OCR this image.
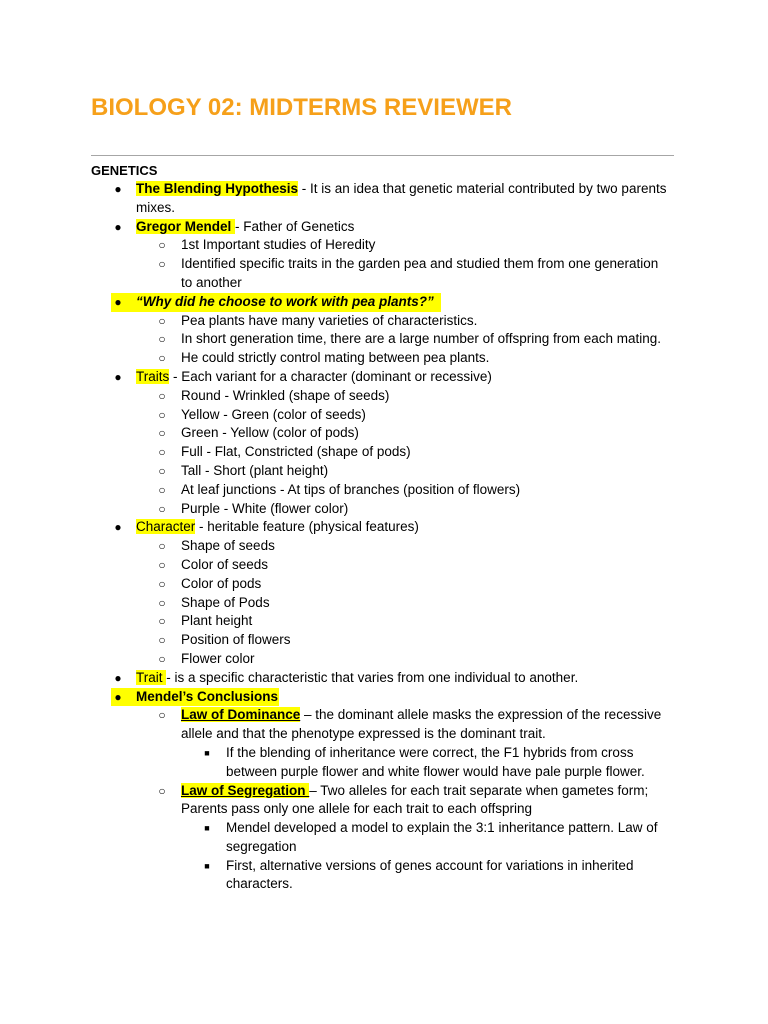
BIOLOGY 02: MIDTERMS REVIEWER
GENETICS
● The Blending Hypothesis - It is an idea that genetic material contributed by two parents
mixes.
● Gregor Mendel - Father of Genetics
○ 1st Important studies of Heredity
○ Identified specific traits in the garden pea and studied them from one generation
to another
● “Why did he choose to work with pea plants?”
○ Pea plants have many varieties of characteristics.
○ In short generation time, there are a large number of offspring from each mating.
○ He could strictly control mating between pea plants.
● Traits - Each variant for a character (dominant or recessive)
○ Round - Wrinkled (shape of seeds)
○ Yellow - Green (color of seeds)
○ Green - Yellow (color of pods)
○ Full - Flat, Constricted (shape of pods)
○ Tall - Short (plant height)
○ At leaf junctions - At tips of branches (position of flowers)
○ Purple - White (flower color)
● Character - heritable feature (physical features)
○ Shape of seeds
○ Color of seeds
○ Color of pods
○ Shape of Pods
○ Plant height
○ Position of flowers
○ Flower color
● Trait - is a specific characteristic that varies from one individual to another.
● Mendel’s Conclusions
○ Law of Dominance – the dominant allele masks the expression of the recessive
allele and that the phenotype expressed is the dominant trait.
■	If the blending of inheritance were correct, the F1 hybrids from cross
between purple flower and white flower would have pale purple flower.
○ Law of Segregation – Two alleles for each trait separate when gametes form;
Parents pass only one allele for each trait to each offspring
■	Mendel developed a model to explain the 3:1 inheritance pattern. Law of
segregation
■	First, alternative versions of genes account for variations in inherited
characters.
